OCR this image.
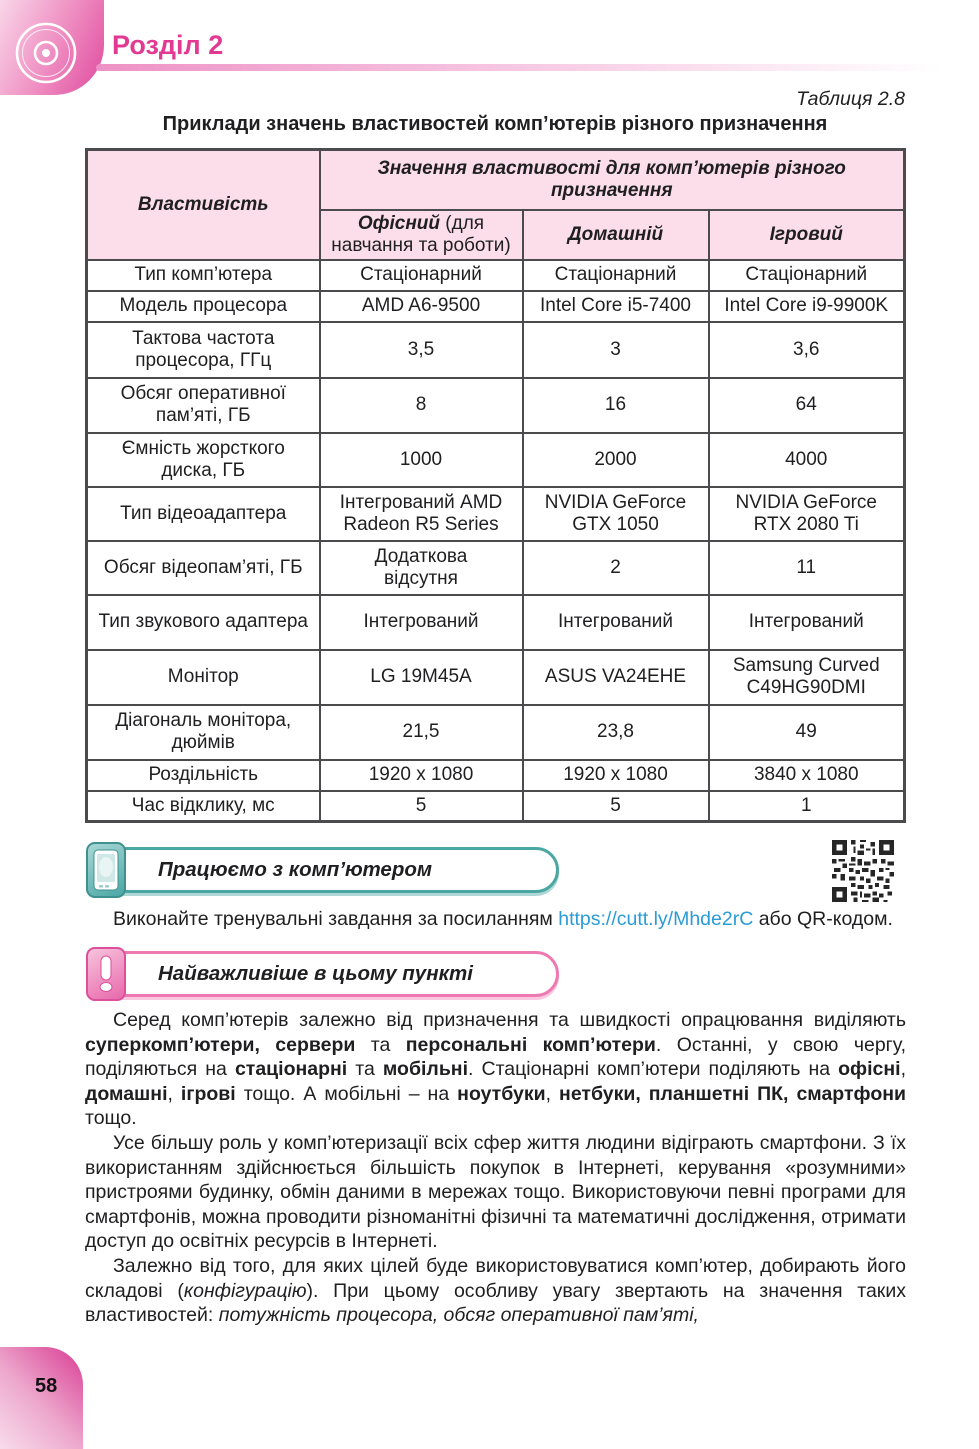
Розділ 2
Таблиця 2.8
Приклади значень властивостей комп’ютерів різного призначення
Властивість	Значення властивості для комп’ютерів різного призначення		
	Офісний (для навчання та роботи)	Домашній	Ігровий
Тип комп’ютера	Стаціонарний	Стаціонарний	Стаціонарний
Модель процесора	AMD A6-9500	Intel Core i5-7400	Intel Core i9-9900K
Тактова частота процесора, ГГц	3,5	3	3,6
Обсяг оперативної пам’яті, ГБ	8	16	64
Ємність жорсткого диска, ГБ	1000	2000	4000
Тип відеоадаптера	Інтегрований AMD Radeon R5 Series	NVIDIA GeForce GTX 1050	NVIDIA GeForce RTX 2080 Ti
Обсяг відеопам’яті, ГБ	Додаткова відсутня	2	11
Тип звукового адаптера	Інтегрований	Інтегрований	Інтегрований
Монітор	LG 19M45A	ASUS VA24EHE	Samsung Curved C49HG90DMI
Діагональ монітора, дюймів	21,5	23,8	49
Роздільність	1920 х 1080	1920 х 1080	3840 х 1080
Час відклику, мс	5	5	1
Працюємо з комп’ютером

Виконайте тренувальні завдання за посиланням https://cutt.ly/Mhde2rC або QR-кодом.

Найважливіше в цьому пункті

Серед комп’ютерів залежно від призначення та швидкості опрацювання виділяють суперкомп’ютери, сервери та персональні комп’ютери. Останні, у свою чергу, поділяються на стаціонарні та мобільні. Стаціонарні комп’ютери поділяють на офісні, домашні, ігрові тощо. А мобільні – на ноутбуки, нетбуки, планшетні ПК, смартфони тощо.

Усе більшу роль у комп’ютеризації всіх сфер життя людини відіграють смартфони. З їх використанням здійснюється більшість покупок в Інтернеті, керування «розумними» пристроями будинку, обмін даними в мережах тощо. Використовуючи певні програми для смартфонів, можна проводити різноманітні фізичні та математичні дослідження, отримати доступ до освітніх ресурсів в Інтернеті.

Залежно від того, для яких цілей буде використовуватися комп’ютер, добирають його складові (конфігурацію). При цьому особливу увагу звертають на значення таких властивостей: потужність процесора, обсяг оперативної пам’яті,

58
